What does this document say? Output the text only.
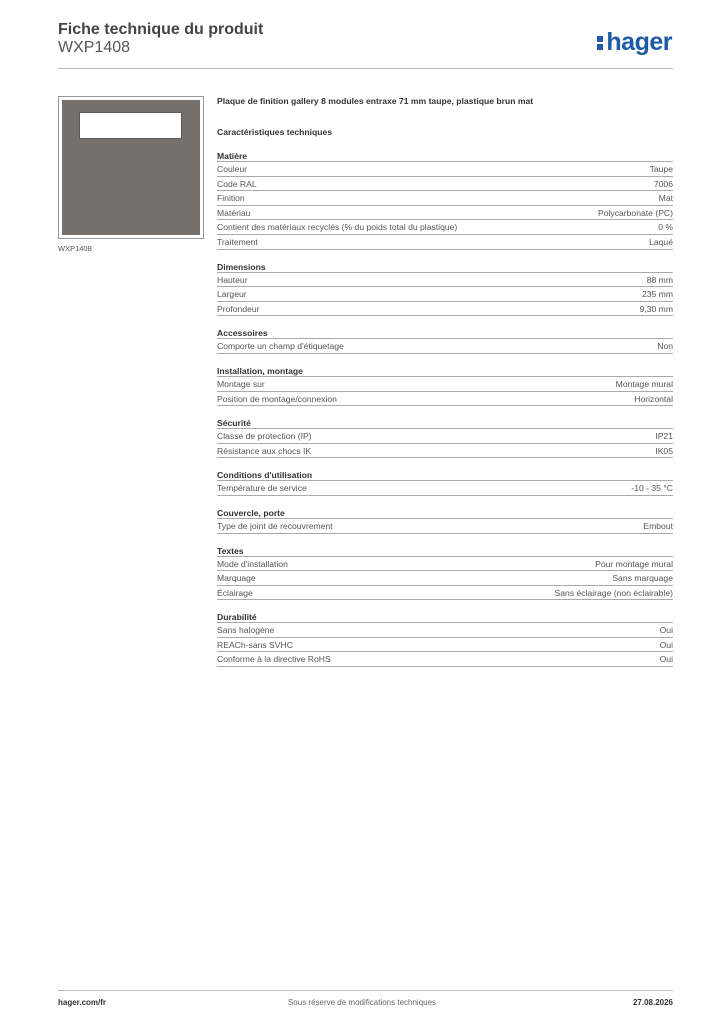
Fiche technique du produit
WXP1408	hager
WXP1408
Plaque de finition gallery 8 modules entraxe 71 mm taupe, plastique brun mat
Caractéristiques techniques
Matière
Couleur	Taupe
Code RAL	7006
Finition	Mat
Matériau	Polycarbonate (PC)
Contient des matériaux recyclés (% du poids total du plastique)	0 %
Traitement	Laqué
Dimensions
Hauteur	88 mm
Largeur	235 mm
Profondeur	9,30 mm
Accessoires
Comporte un champ d'étiquetage	Non
Installation, montage
Montage sur	Montage mural
Position de montage/connexion	Horizontal
Sécurité
Classe de protection (IP)	IP21
Résistance aux chocs IK	IK05
Conditions d'utilisation
Température de service	-10 - 35 °C
Couvercle, porte
Type de joint de recouvrement	Embout
Textes
Mode d'installation	Pour montage mural
Marquage	Sans marquage
Éclairage	Sans éclairage (non éclairable)
Durabilité
Sans halogène	Oui
REACh-sans SVHC	Oui
Conforme à la directive RoHS	Oui
hager.com/fr	Sous réserve de modifications techniques	27.08.2026
